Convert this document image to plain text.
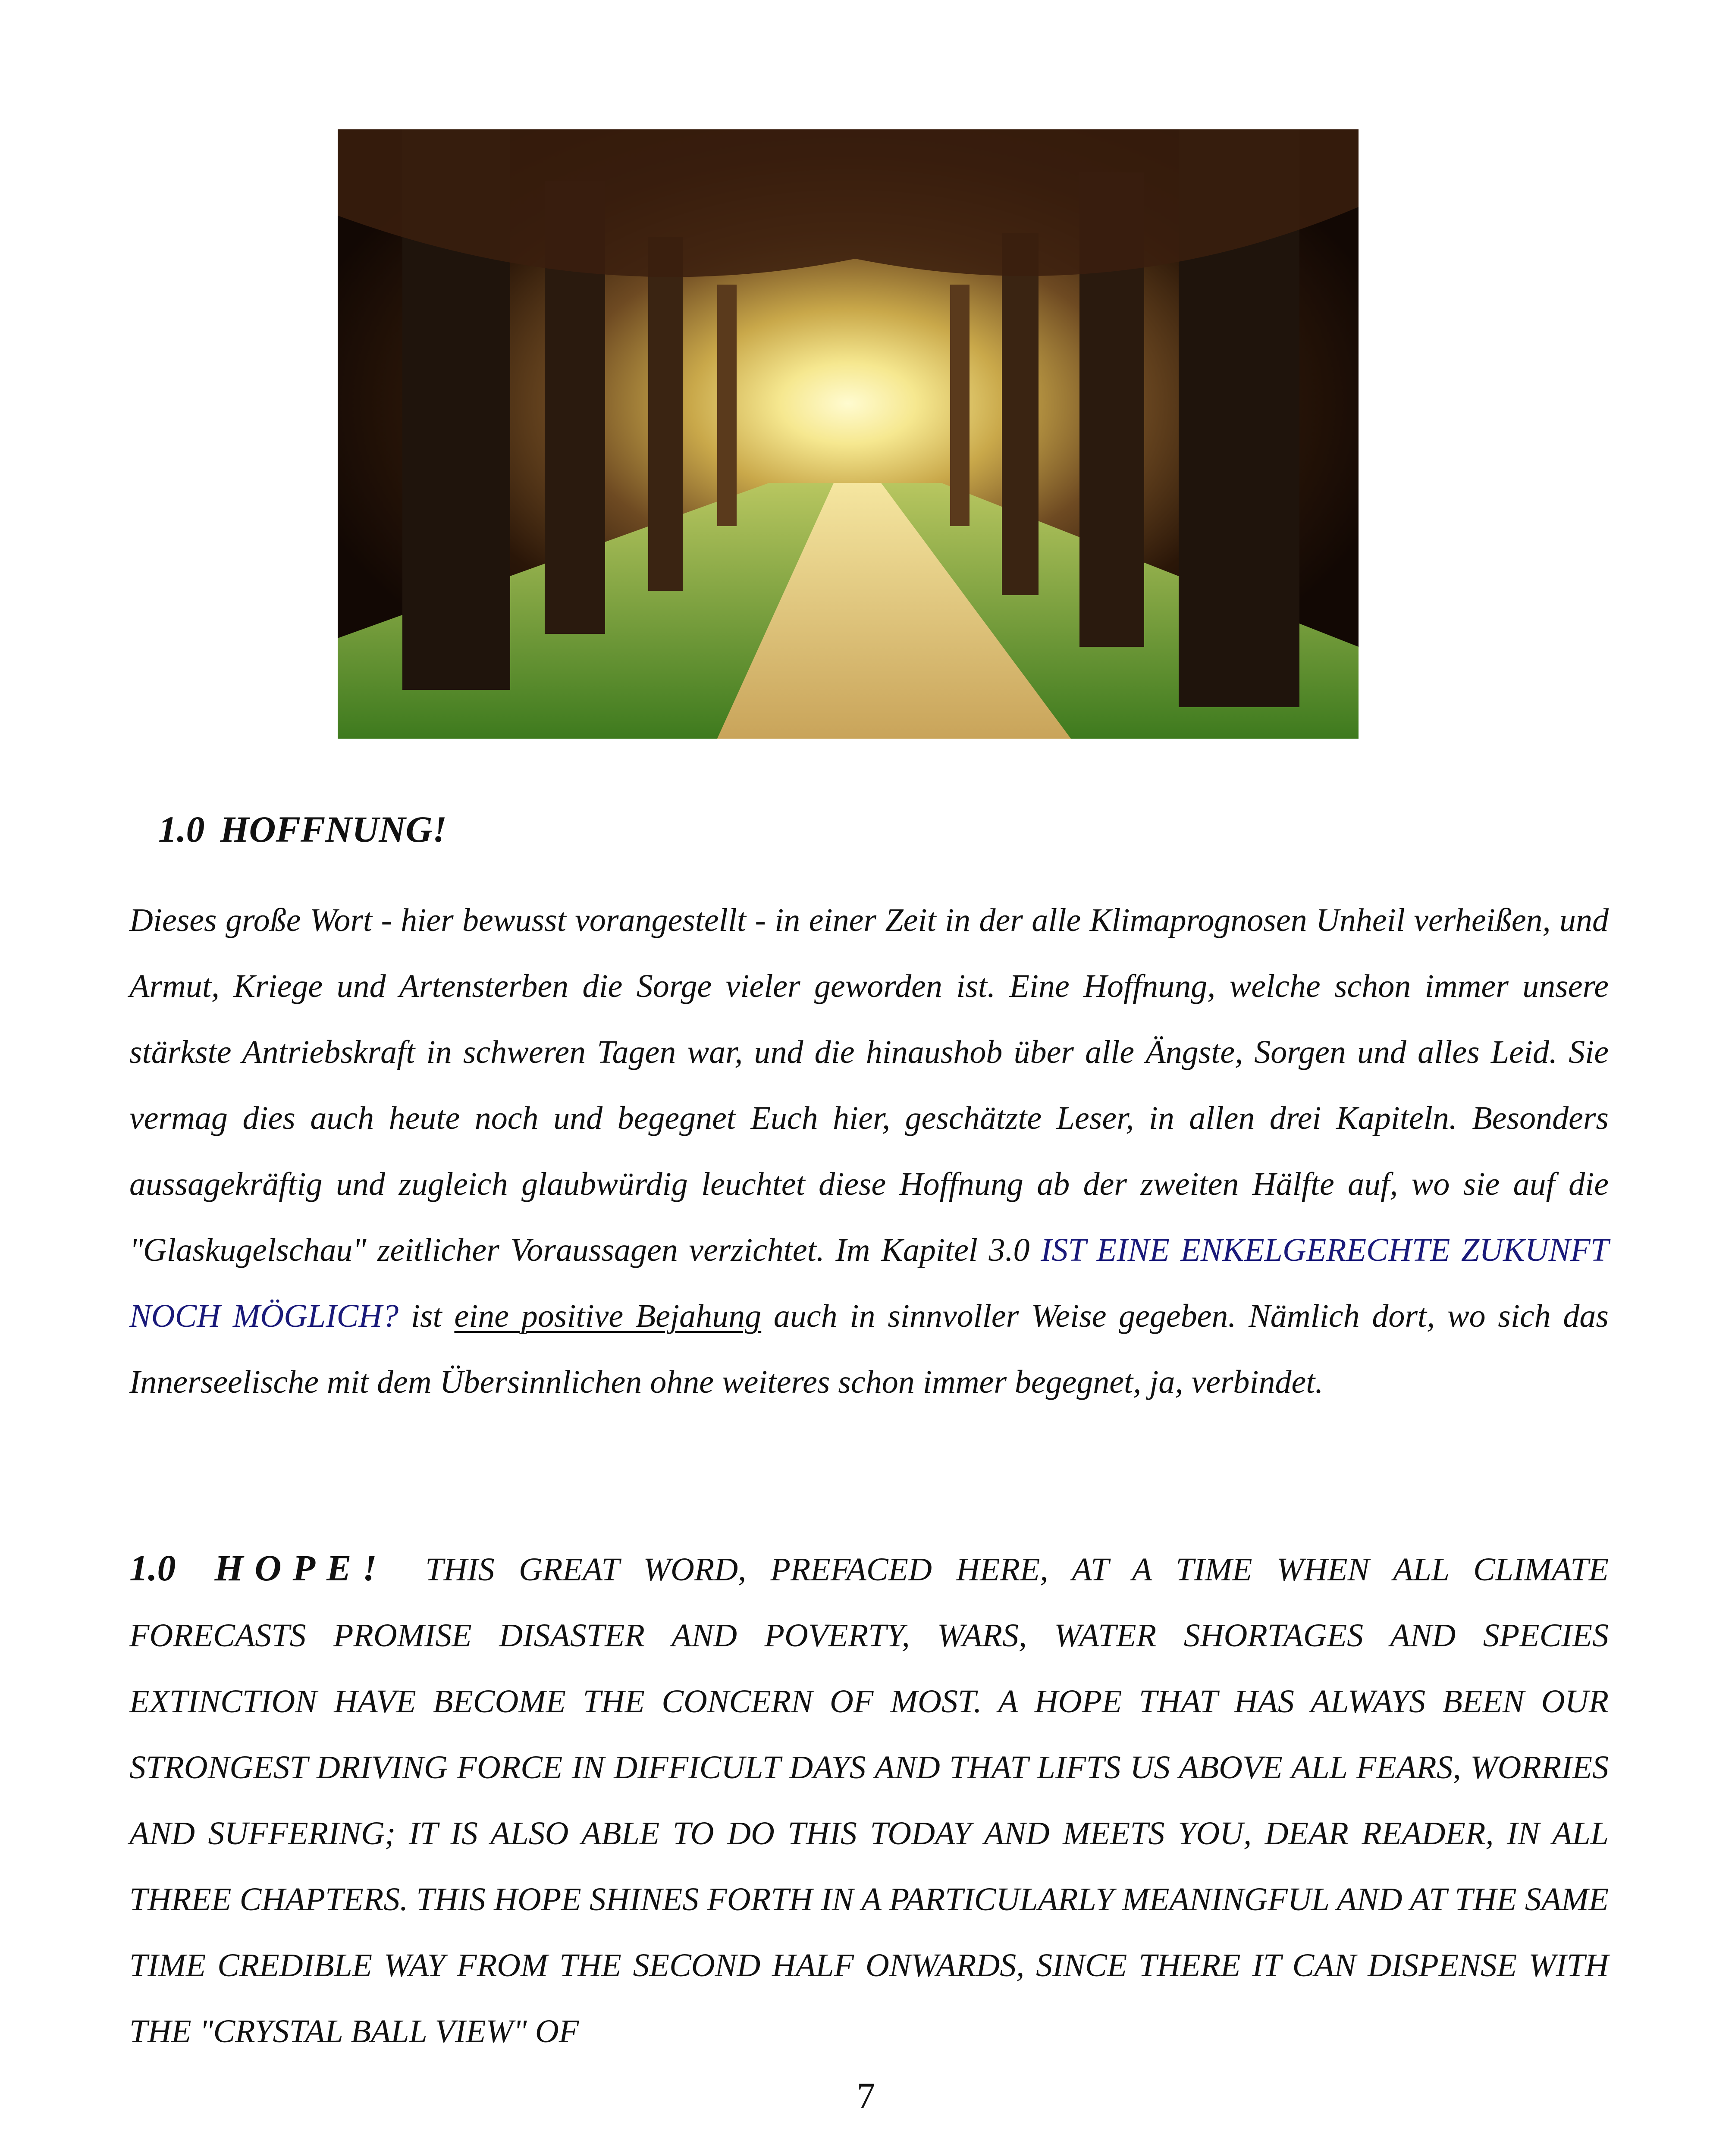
1.0 HOFFNUNG!
Dieses große Wort - hier bewusst vorangestellt - in einer Zeit in der alle Klimaprognosen Unheil verheißen, und Armut, Kriege und Artensterben die Sorge vieler geworden ist. Eine Hoffnung, welche schon immer unsere stärkste Antriebskraft in schweren Tagen war, und die hinaushob über alle Ängste, Sorgen und alles Leid. Sie vermag dies auch heute noch und begegnet Euch hier, geschätzte Leser, in allen drei Kapiteln. Besonders aussagekräftig und zugleich glaubwürdig leuchtet diese Hoffnung ab der zweiten Hälfte auf, wo sie auf die "Glaskugelschau" zeitlicher Voraussagen verzichtet. Im Kapitel 3.0 IST EINE ENKELGERECHTE ZUKUNFT NOCH MÖGLICH? ist eine positive Bejahung auch in sinnvoller Weise gegeben. Nämlich dort, wo sich das Innerseelische mit dem Übersinnlichen ohne weiteres schon immer begegnet, ja, verbindet.
1.0 HOPE! THIS GREAT WORD, PREFACED HERE, AT A TIME WHEN ALL CLIMATE FORECASTS PROMISE DISASTER AND POVERTY, WARS, WATER SHORTAGES AND SPECIES EXTINCTION HAVE BECOME THE CONCERN OF MOST. A HOPE THAT HAS ALWAYS BEEN OUR STRONGEST DRIVING FORCE IN DIFFICULT DAYS AND THAT LIFTS US ABOVE ALL FEARS, WORRIES AND SUFFERING; IT IS ALSO ABLE TO DO THIS TODAY AND MEETS YOU, DEAR READER, IN ALL THREE CHAPTERS. THIS HOPE SHINES FORTH IN A PARTICULARLY MEANINGFUL AND AT THE SAME TIME CREDIBLE WAY FROM THE SECOND HALF ONWARDS, SINCE THERE IT CAN DISPENSE WITH THE "CRYSTAL BALL VIEW" OF
7
